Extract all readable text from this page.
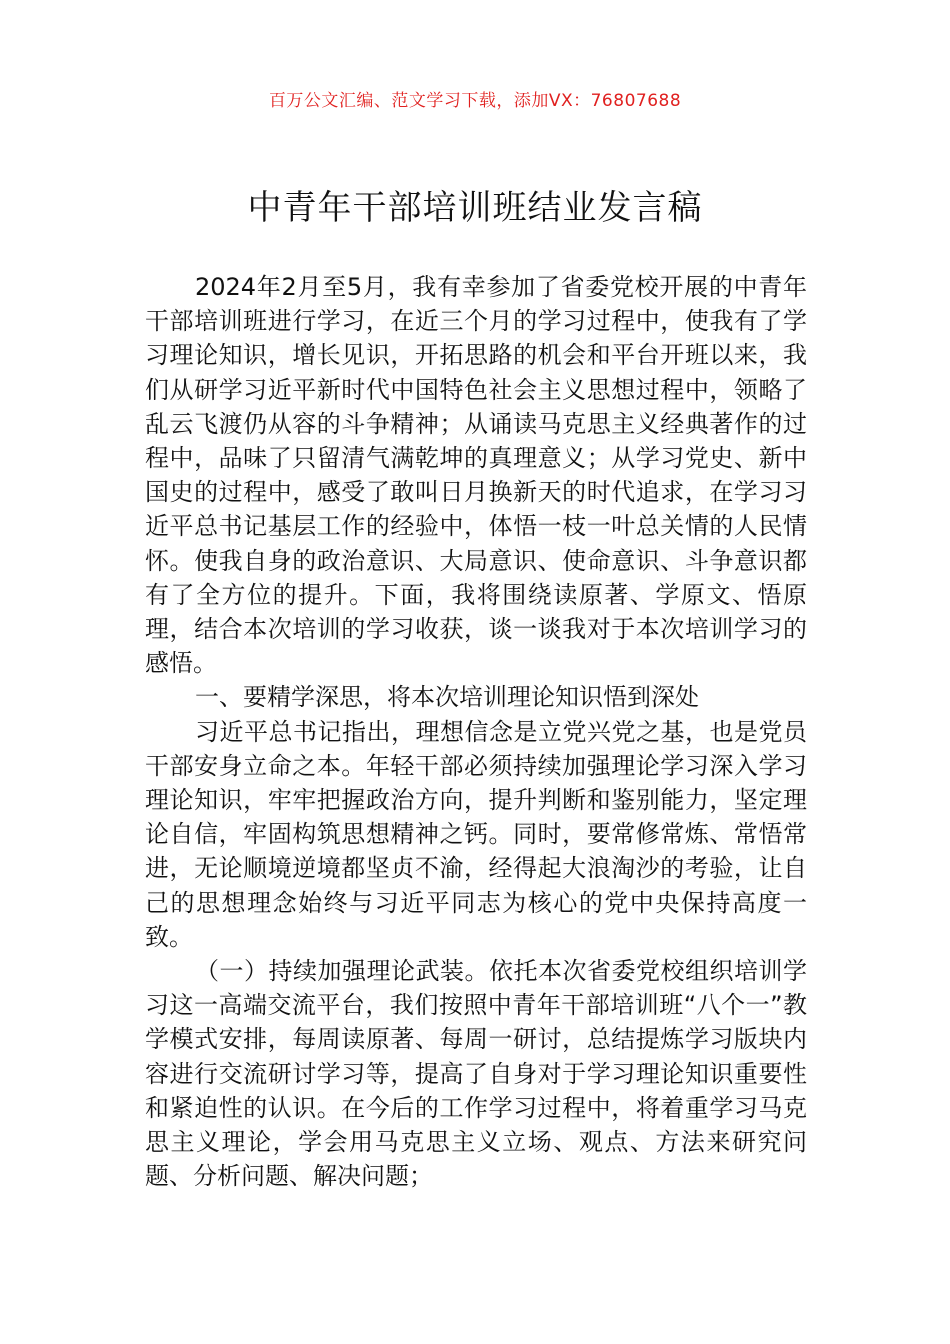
百万公文汇编、范文学习下载，添加VX：76807688
中青年干部培训班结业发言稿

2024年2月至5月，我有幸参加了省委党校开展的中青年干部培训班进行学习，在近三个月的学习过程中，使我有了学习理论知识，增长见识，开拓思路的机会和平台开班以来，我们从研学习近平新时代中国特色社会主义思想过程中，领略了乱云飞渡仍从容的斗争精神；从诵读马克思主义经典著作的过程中，品味了只留清气满乾坤的真理意义；从学习党史、新中国史的过程中，感受了敢叫日月换新天的时代追求，在学习习近平总书记基层工作的经验中，体悟一枝一叶总关情的人民情怀。使我自身的政治意识、大局意识、使命意识、斗争意识都有了全方位的提升。下面，我将围绕读原著、学原文、悟原理，结合本次培训的学习收获，谈一谈我对于本次培训学习的感悟。

一、要精学深思，将本次培训理论知识悟到深处

习近平总书记指出，理想信念是立党兴党之基，也是党员干部安身立命之本。年轻干部必须持续加强理论学习深入学习理论知识，牢牢把握政治方向，提升判断和鉴别能力，坚定理论自信，牢固构筑思想精神之钙。同时，要常修常炼、常悟常进，无论顺境逆境都坚贞不渝，经得起大浪淘沙的考验，让自己的思想理念始终与习近平同志为核心的党中央保持高度一致。

（一）持续加强理论武装。依托本次省委党校组织培训学习这一高端交流平台，我们按照中青年干部培训班“八个一”教学模式安排，每周读原著、每周一研讨，总结提炼学习版块内容进行交流研讨学习等，提高了自身对于学习理论知识重要性和紧迫性的认识。在今后的工作学习过程中，将着重学习马克思主义理论，学会用马克思主义立场、观点、方法来研究问题、分析问题、解决问题；
